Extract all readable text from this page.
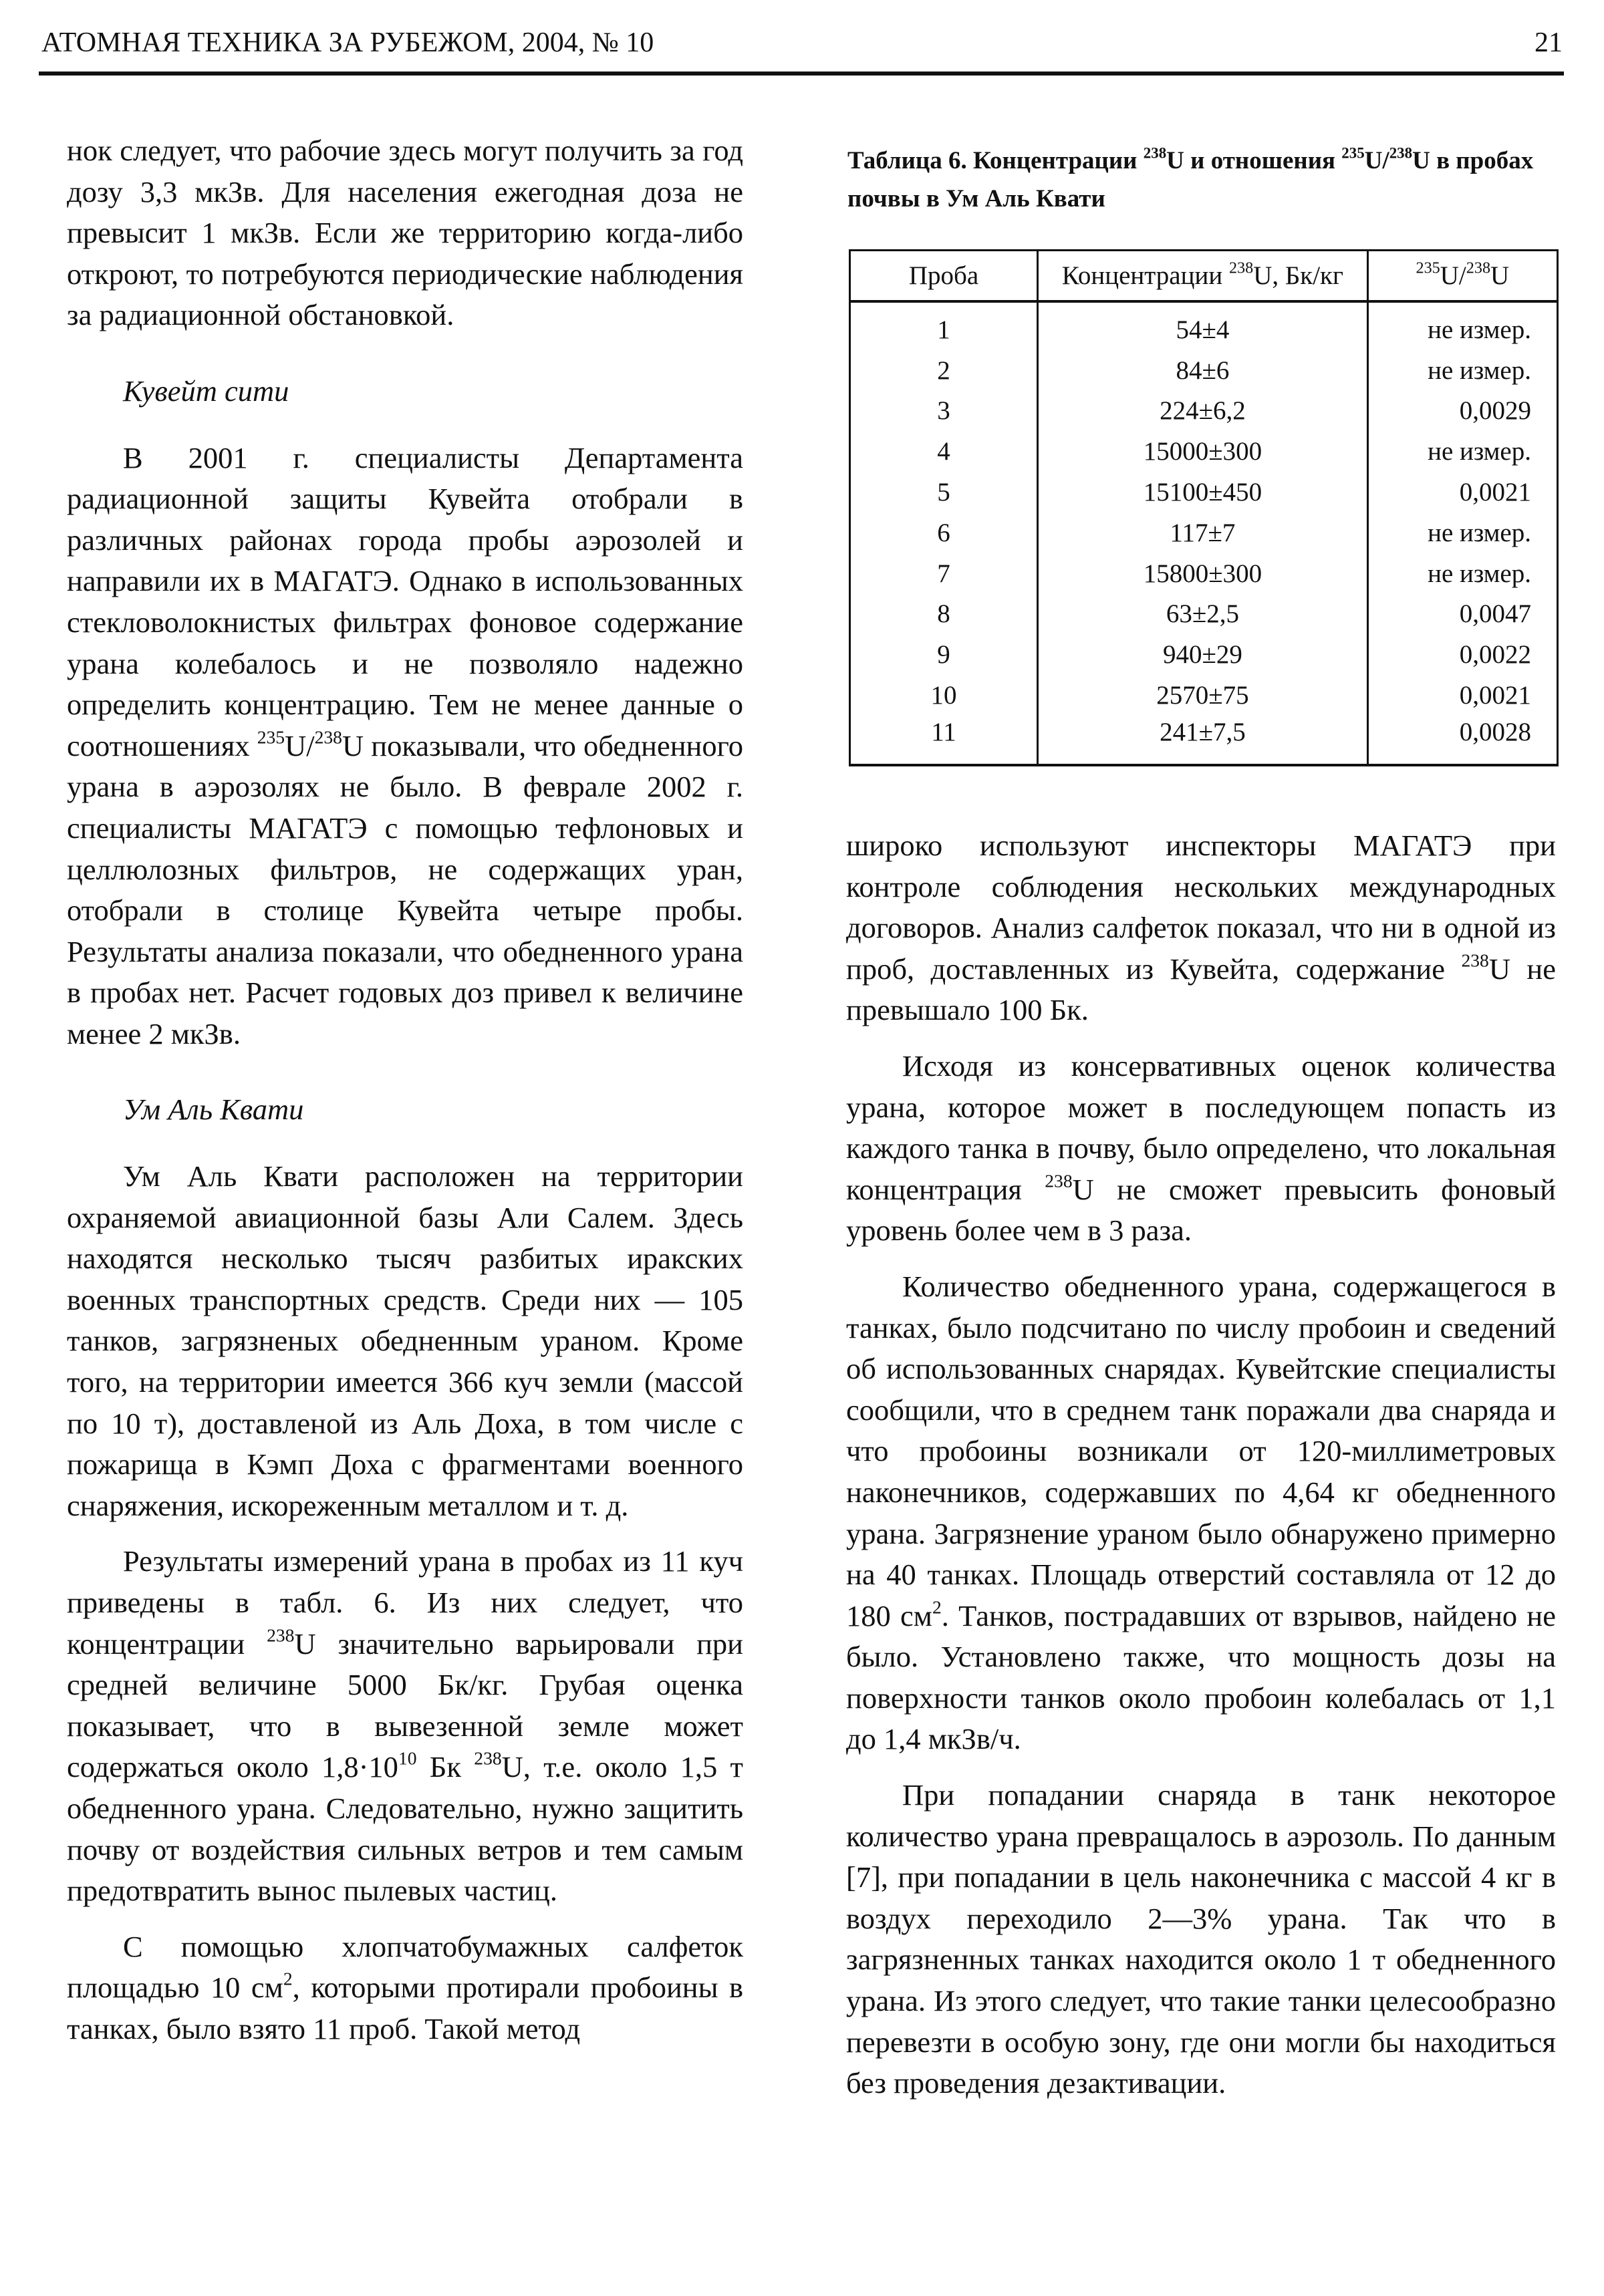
АТОМНАЯ ТЕХНИКА ЗА РУБЕЖОМ, 2004, № 10	21

нок следует, что рабочие здесь могут получить за год дозу 3,3 мкЗв. Для населения ежегодная доза не превысит 1 мкЗв. Если же территорию когда-либо откроют, то потребуются периодические наблюдения за радиационной обстановкой.

Кувейт сити

В 2001 г. специалисты Департамента радиационной защиты Кувейта отобрали в различных районах города пробы аэрозолей и направили их в МАГАТЭ. Однако в использованных стекловолокнистых фильтрах фоновое содержание урана колебалось и не позволяло надежно определить концентрацию. Тем не менее данные о соотношениях $^{235}$U/$^{238}$U показывали, что обедненного урана в аэрозолях не было. В феврале 2002 г. специалисты МАГАТЭ с помощью тефлоновых и целлюлозных фильтров, не содержащих уран, отобрали в столице Кувейта четыре пробы. Результаты анализа показали, что обедненного урана в пробах нет. Расчет годовых доз привел к величине менее 2 мкЗв.

Ум Аль Квати

Ум Аль Квати расположен на территории охраняемой авиационной базы Али Салем. Здесь находятся несколько тысяч разбитых иракских военных транспортных средств. Среди них — 105 танков, загрязненых обедненным ураном. Кроме того, на территории имеется 366 куч земли (массой по 10 т), доставленой из Аль Доха, в том числе с пожарища в Кэмп Доха с фрагментами военного снаряжения, искореженным металлом и т. д.

Результаты измерений урана в пробах из 11 куч приведены в табл. 6. Из них следует, что концентрации $^{238}$U значительно варьировали при средней величине 5000 Бк/кг. Грубая оценка показывает, что в вывезенной земле может содержаться около $1,8\cdot 10^{10}$ Бк $^{238}$U, т.е. около 1,5 т обедненного урана. Следовательно, нужно защитить почву от воздействия сильных ветров и тем самым предотвратить вынос пылевых частиц.

С помощью хлопчатобумажных салфеток площадью 10 $см^2$, которыми протирали пробоины в танках, было взято 11 проб. Такой метод

Таблица 6. Концентрации $^{238}$U и отношения $^{235}$U/$^{238}$U в пробах почвы в Ум Аль Квати
Проба	Концентрации $^{238}$U, Бк/кг	$^{235}$U/$^{238}$U
1	54±4	не измер.
2	84±6	не измер.
3	224±6,2	0,0029
4	15000±300	не измер.
5	15100±450	0,0021
6	117±7	не измер.
7	15800±300	не измер.
8	63±2,5	0,0047
9	940±29	0,0022
10	2570±75	0,0021
11	241±7,5	0,0028

широко используют инспекторы МАГАТЭ при контроле соблюдения нескольких международных договоров. Анализ салфеток показал, что ни в одной из проб, доставленных из Кувейта, содержание $^{238}$U не превышало 100 Бк.

Исходя из консервативных оценок количества урана, которое может в последующем попасть из каждого танка в почву, было определено, что локальная концентрация $^{238}$U не сможет превысить фоновый уровень более чем в 3 раза.

Количество обедненного урана, содержащегося в танках, было подсчитано по числу пробоин и сведений об использованных снарядах. Кувейтские специалисты сообщили, что в среднем танк поражали два снаряда и что пробоины возникали от 120-миллиметровых наконечников, содержавших по 4,64 кг обедненного урана. Загрязнение ураном было обнаружено примерно на 40 танках. Площадь отверстий составляла от 12 до 180 $см^2$. Танков, пострадавших от взрывов, найдено не было. Установлено также, что мощность дозы на поверхности танков около пробоин колебалась от 1,1 до 1,4 мкЗв/ч.

При попадании снаряда в танк некоторое количество урана превращалось в аэрозоль. По данным [7], при попадании в цель наконечника с массой 4 кг в воздух переходило 2—3% урана. Так что в загрязненных танках находится около 1 т обедненного урана. Из этого следует, что такие танки целесообразно перевезти в особую зону, где они могли бы находиться без проведения дезактивации.
